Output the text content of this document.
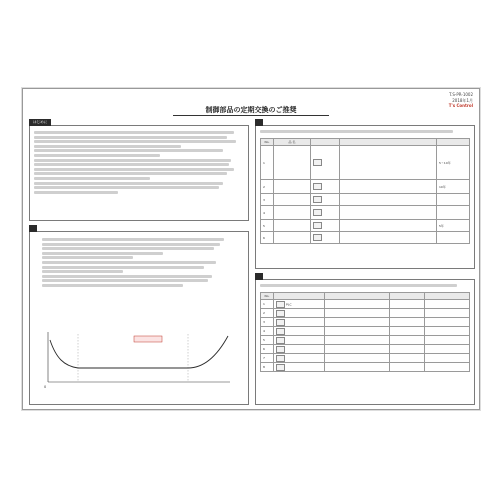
T.S-PR-1002
2018年1月
T's Control
制御部品の定期交換のご推奨
はじめに
0
No.	品 名			
1				5〜10年
2				10年
3				
4				
5				5年
6				
No.				
1	PLC			
2				
3				
4				
5				
6				
7				
8				
